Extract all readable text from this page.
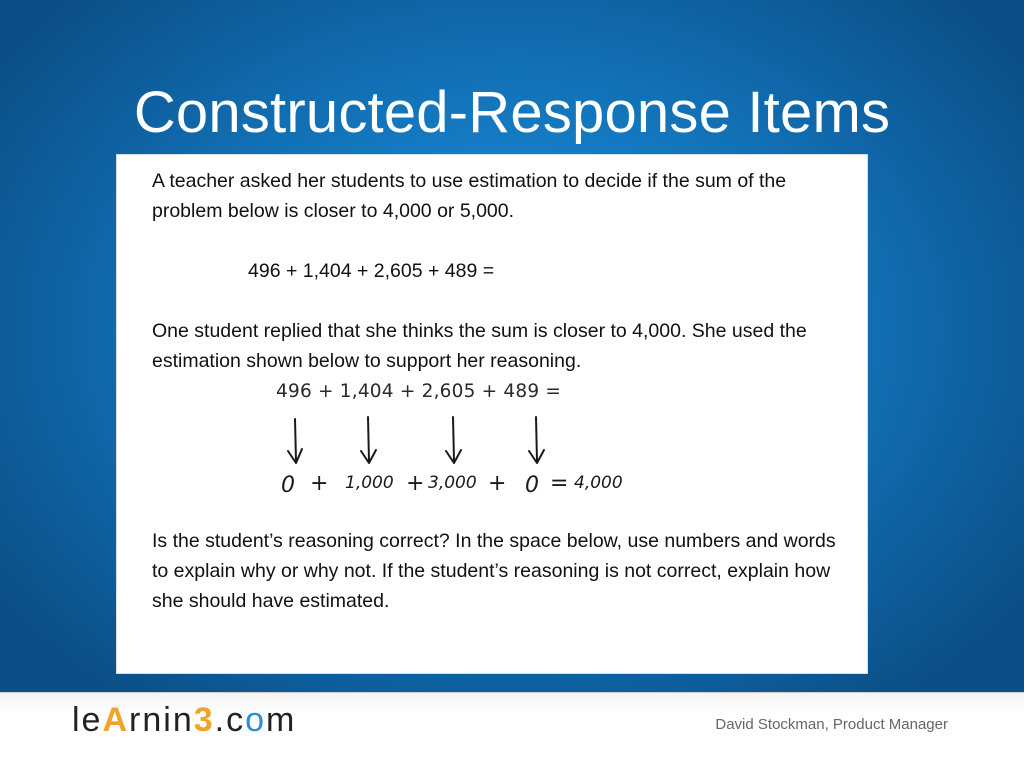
Constructed-Response Items

A teacher asked her students to use estimation to decide if the sum of the problem below is closer to 4,000 or 5,000.

496 + 1,404 + 2,605 + 489 =

One student replied that she thinks the sum is closer to 4,000. She used the estimation shown below to support her reasoning.

496 + 1,404 + 2,605 + 489 =
0 + 1,000 + 3,000 + 0 = 4,000

Is the student’s reasoning correct? In the space below, use numbers and words to explain why or why not. If the student’s reasoning is not correct, explain how she should have estimated.

leArnin3.com	David Stockman, Product Manager
